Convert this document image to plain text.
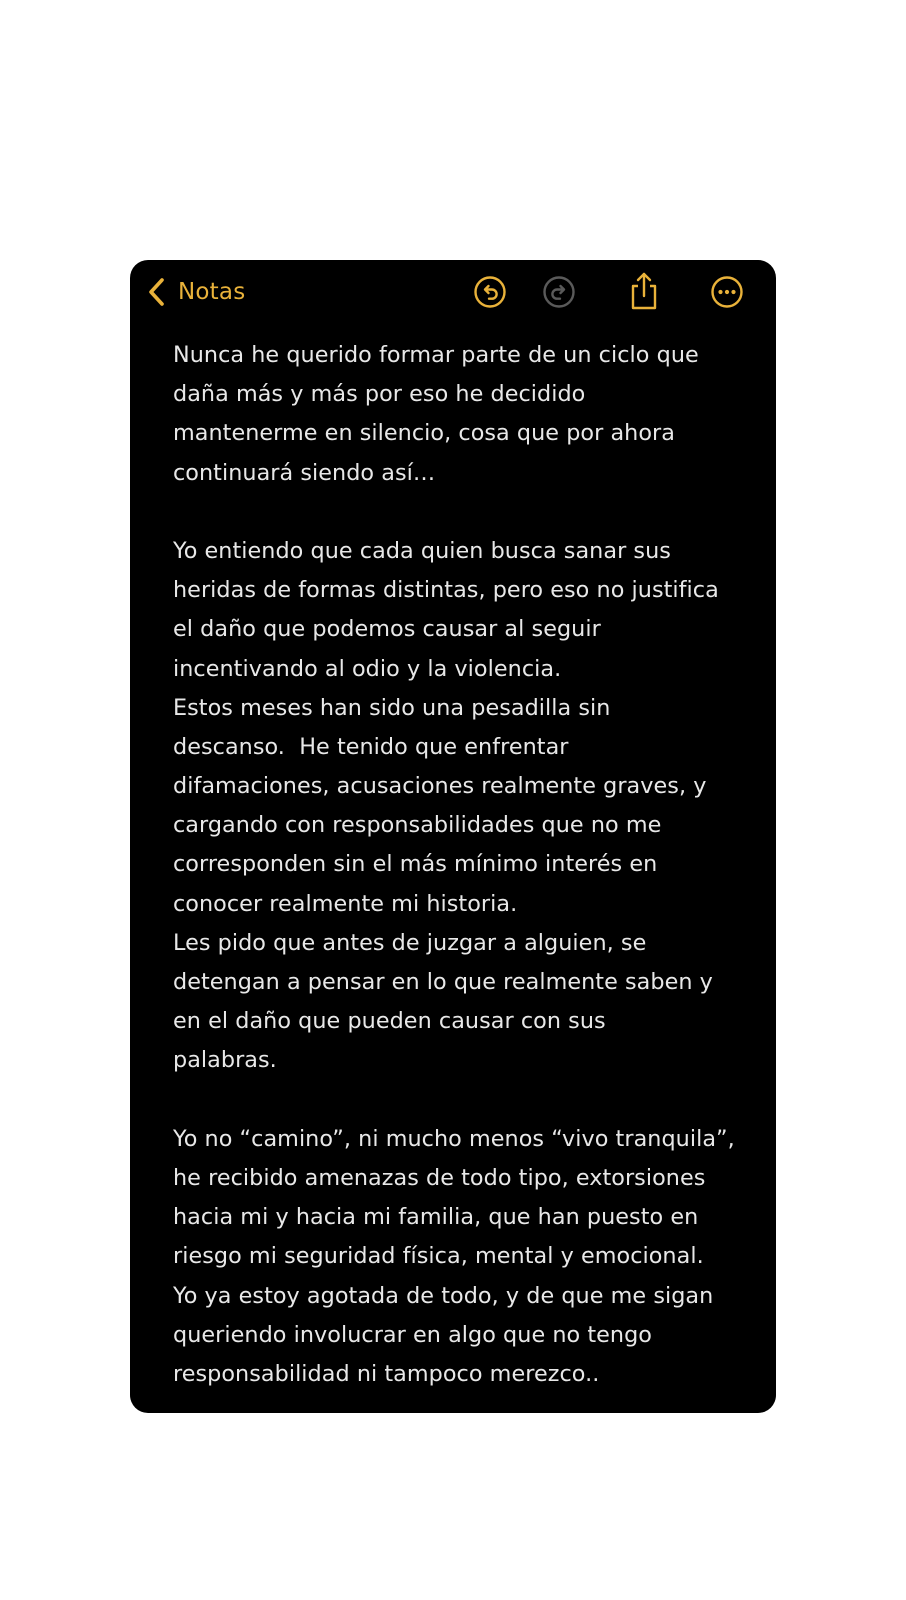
Notas
Nunca he querido formar parte de un ciclo que
daña más y más por eso he decidido
mantenerme en silencio, cosa que por ahora
continuará siendo así…
Yo entiendo que cada quien busca sanar sus
heridas de formas distintas, pero eso no justifica
el daño que podemos causar al seguir
incentivando al odio y la violencia.
Estos meses han sido una pesadilla sin
descanso.  He tenido que enfrentar
difamaciones, acusaciones realmente graves, y
cargando con responsabilidades que no me
corresponden sin el más mínimo interés en
conocer realmente mi historia.
Les pido que antes de juzgar a alguien, se
detengan a pensar en lo que realmente saben y
en el daño que pueden causar con sus
palabras.
Yo no “camino”, ni mucho menos “vivo tranquila”,
he recibido amenazas de todo tipo, extorsiones
hacia mi y hacia mi familia, que han puesto en
riesgo mi seguridad física, mental y emocional.
Yo ya estoy agotada de todo, y de que me sigan
queriendo involucrar en algo que no tengo
responsabilidad ni tampoco merezco..
